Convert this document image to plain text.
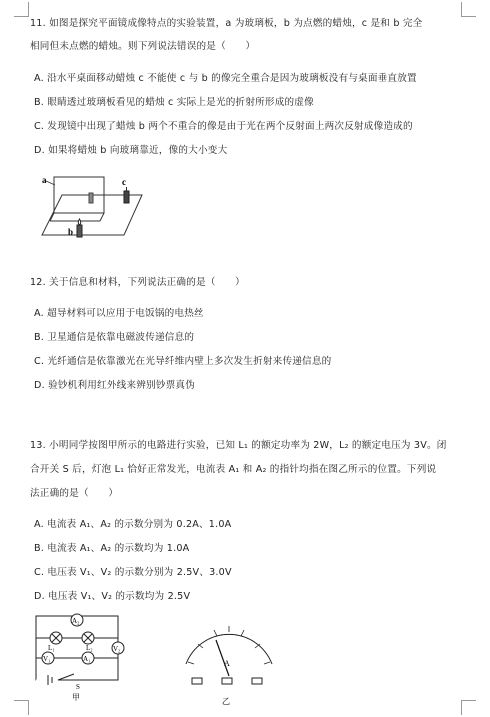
11. 如图是探究平面镜成像特点的实验装置，a 为玻璃板，b 为点燃的蜡烛，c 是和 b 完全
相同但未点燃的蜡烛。则下列说法错误的是（　　）
A. 沿水平桌面移动蜡烛 c 不能使 c 与 b 的像完全重合是因为玻璃板没有与桌面垂直放置
B. 眼睛透过玻璃板看见的蜡烛 c 实际上是光的折射所形成的虚像
C. 发现镜中出现了蜡烛 b 两个不重合的像是由于光在两个反射面上两次反射成像造成的
D. 如果将蜡烛 b 向玻璃靠近，像的大小变大
a
b
c
12. 关于信息和材料，下列说法正确的是（　　）
A. 超导材料可以应用于电饭锅的电热丝
B. 卫星通信是依靠电磁波传递信息的
C. 光纤通信是依靠激光在光导纤维内壁上多次发生折射来传递信息的
D. 验钞机利用红外线来辨别钞票真伪
13. 小明同学按图甲所示的电路进行实验，已知 L₁ 的额定功率为 2W，L₂ 的额定电压为 3V。闭
合开关 S 后，灯泡 L₁ 恰好正常发光，电流表 A₁ 和 A₂ 的指针均指在图乙所示的位置。下列说
法正确的是（　　）
A. 电流表 A₁、A₂ 的示数分别为 0.2A、1.0A
B. 电流表 A₁、A₂ 的示数均为 1.0A
C. 电压表 V₁、V₂ 的示数分别为 2.5V、3.0V
D. 电压表 V₁、V₂ 的示数均为 2.5V
A₂
L₁	L₂
V₁	A₁
V₂
S
甲
A
乙
